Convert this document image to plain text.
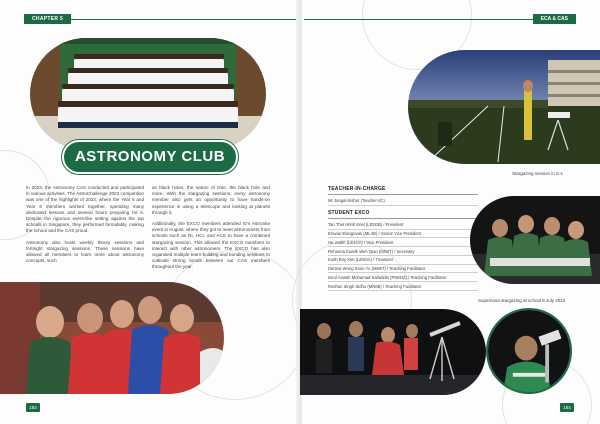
CHAPTER 5
ASTRONOMY CLUB

In 2023, the Astronomy CAS conducted and participated in various activities. The AstroChallenge 2023 competition was one of the highlights of 2023, where the Year 5 and Year 6 members worked together, spending many dedicated lessons and several hours preparing for it. Despite the rigorous event-like setting against the top schools in Singapore, they performed formidably, making the school and the CAS proud.

Astronomy also hosts weekly theory sessions and fortnight stargazing sessions. These sessions have allowed all members to learn more about astronomy concepts, such

as black holes, the nature of time, the black hole and more. With the stargazing sessions, every astronomy member also gets an opportunity to have hands-on experience in using a telescope and looking at planets through it.

Additionally, the EXCO members attended IS's Astronite event in August, where they got to meet astronomers from schools such as RI, HCI, and ACS to have a combined stargazing session. This allowed the EXCO members to interact with other astronomers. The EXCO has also organised multiple team-building and bonding sessions to cultivate strong bonds between our CAS members throughout the year.

183
ECA & CAS
Stargazing session in S.4
TEACHER-IN-CHARGE
Mr Jangal Kishor (Teacher I/C)
STUDENT EXCO
Tan Thet Htinh Kriel (LE5OB) / President
Eravan Elangovan (ML4D) / Senior Vice President
He Justin (LE4OA) / Vice President
Rehanna Kaarik Wen Qiao (MN4T) / Secretary
Kush Roy Kim (LE5OA) / Treasurer
Darrius Wong Soon Yu (MN6T) / Teaching Facilitator
Isirul Anwah Mohamad Saifuddin (PN6OZ) / Teaching Facilitator
Roshan Singh Sidhu (MN6B) / Teaching Facilitator
Supernova stargazing at school 5 July 2023
184
